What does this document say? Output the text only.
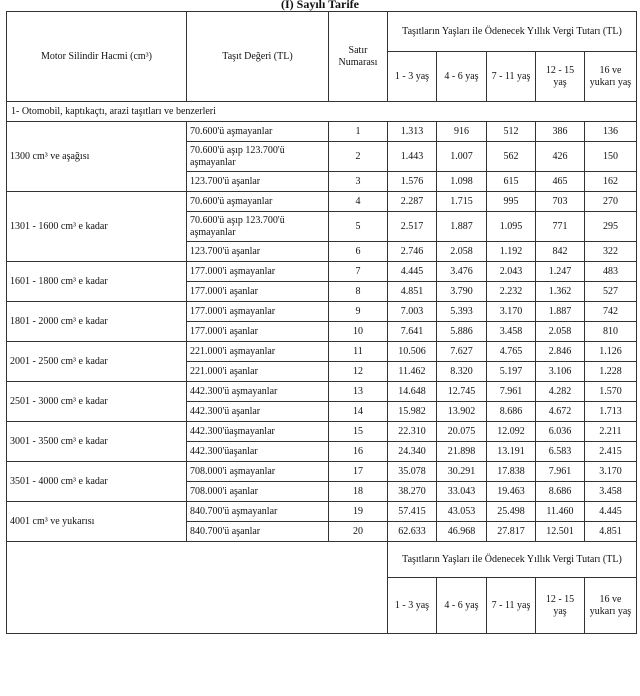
(I) Sayılı Tarife
Motor Silindir Hacmi (cm³)	Taşıt Değeri (TL)	Satır Numarası	Taşıtların Yaşları ile Ödenecek Yıllık Vergi Tutarı (TL)				
			1 - 3 yaş	4 - 6 yaş	7 - 11 yaş	12 - 15 yaş	16 ve yukarı yaş
1- Otomobil, kaptıkaçtı, arazi taşıtları ve benzerleri							
1300 cm³ ve aşağısı	70.600'ü aşmayanlar	1	1.313	916	512	386	136
	70.600'ü aşıp 123.700'ü aşmayanlar	2	1.443	1.007	562	426	150
	123.700'ü aşanlar	3	1.576	1.098	615	465	162
1301 - 1600 cm³ e kadar	70.600'ü aşmayanlar	4	2.287	1.715	995	703	270
	70.600'ü aşıp 123.700'ü aşmayanlar	5	2.517	1.887	1.095	771	295
	123.700'ü aşanlar	6	2.746	2.058	1.192	842	322
1601 - 1800 cm³ e kadar	177.000'i aşmayanlar	7	4.445	3.476	2.043	1.247	483
	177.000'i aşanlar	8	4.851	3.790	2.232	1.362	527
1801 - 2000 cm³ e kadar	177.000'i aşmayanlar	9	7.003	5.393	3.170	1.887	742
	177.000'i aşanlar	10	7.641	5.886	3.458	2.058	810
2001 - 2500 cm³ e kadar	221.000'i aşmayanlar	11	10.506	7.627	4.765	2.846	1.126
	221.000'i aşanlar	12	11.462	8.320	5.197	3.106	1.228
2501 - 3000 cm³ e kadar	442.300'ü aşmayanlar	13	14.648	12.745	7.961	4.282	1.570
	442.300'ü aşanlar	14	15.982	13.902	8.686	4.672	1.713
3001 - 3500 cm³ e kadar	442.300'üaşmayanlar	15	22.310	20.075	12.092	6.036	2.211
	442.300'üaşanlar	16	24.340	21.898	13.191	6.583	2.415
3501 - 4000 cm³ e kadar	708.000'i aşmayanlar	17	35.078	30.291	17.838	7.961	3.170
	708.000'i aşanlar	18	38.270	33.043	19.463	8.686	3.458
4001 cm³ ve yukarısı	840.700'ü aşmayanlar	19	57.415	43.053	25.498	11.460	4.445
	840.700'ü aşanlar	20	62.633	46.968	27.817	12.501	4.851
			Taşıtların Yaşları ile Ödenecek Yıllık Vergi Tutarı (TL)				
			1 - 3 yaş	4 - 6 yaş	7 - 11 yaş	12 - 15 yaş	16 ve yukarı yaş
